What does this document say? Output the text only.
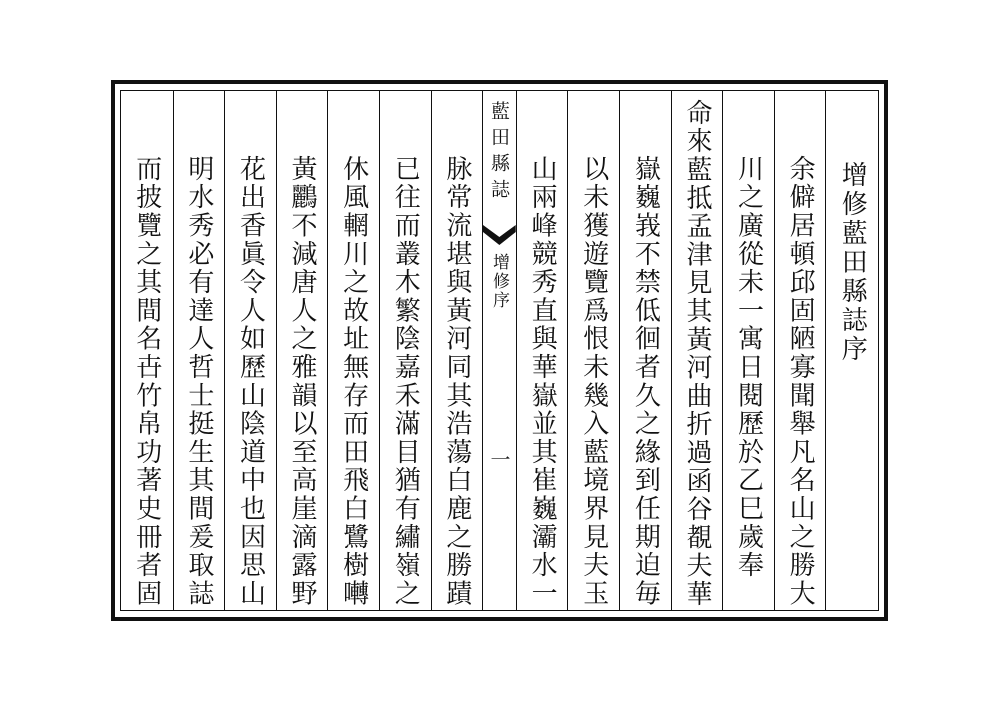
增修藍田縣誌序
余僻居頓邱固陋寡聞舉凡名山之勝大
川之廣從未一寓日閱歷於乙巳歲奉
命來藍抵孟津見其黃河曲折過函谷覩夫華
嶽巍峩不禁低徊者久之緣到任期迫毎
以未獲遊覽爲恨未幾入藍境界見夫玉
山兩峰競秀直與華嶽並其崔巍灞水一
藍田縣誌
增修序
一
脉常流堪與黃河同其浩蕩白鹿之勝蹟
已往而叢木繁陰嘉禾滿目猶有繡嶺之
休風輞川之故址無存而田飛白鷺樹囀
黃鸝不減唐人之雅韻以至高崖滴露野
花出香眞令人如歷山陰道中也因思山
明水秀必有達人哲士挺生其間爰取誌
而披覽之其間名卋竹帛功著史冊者固
